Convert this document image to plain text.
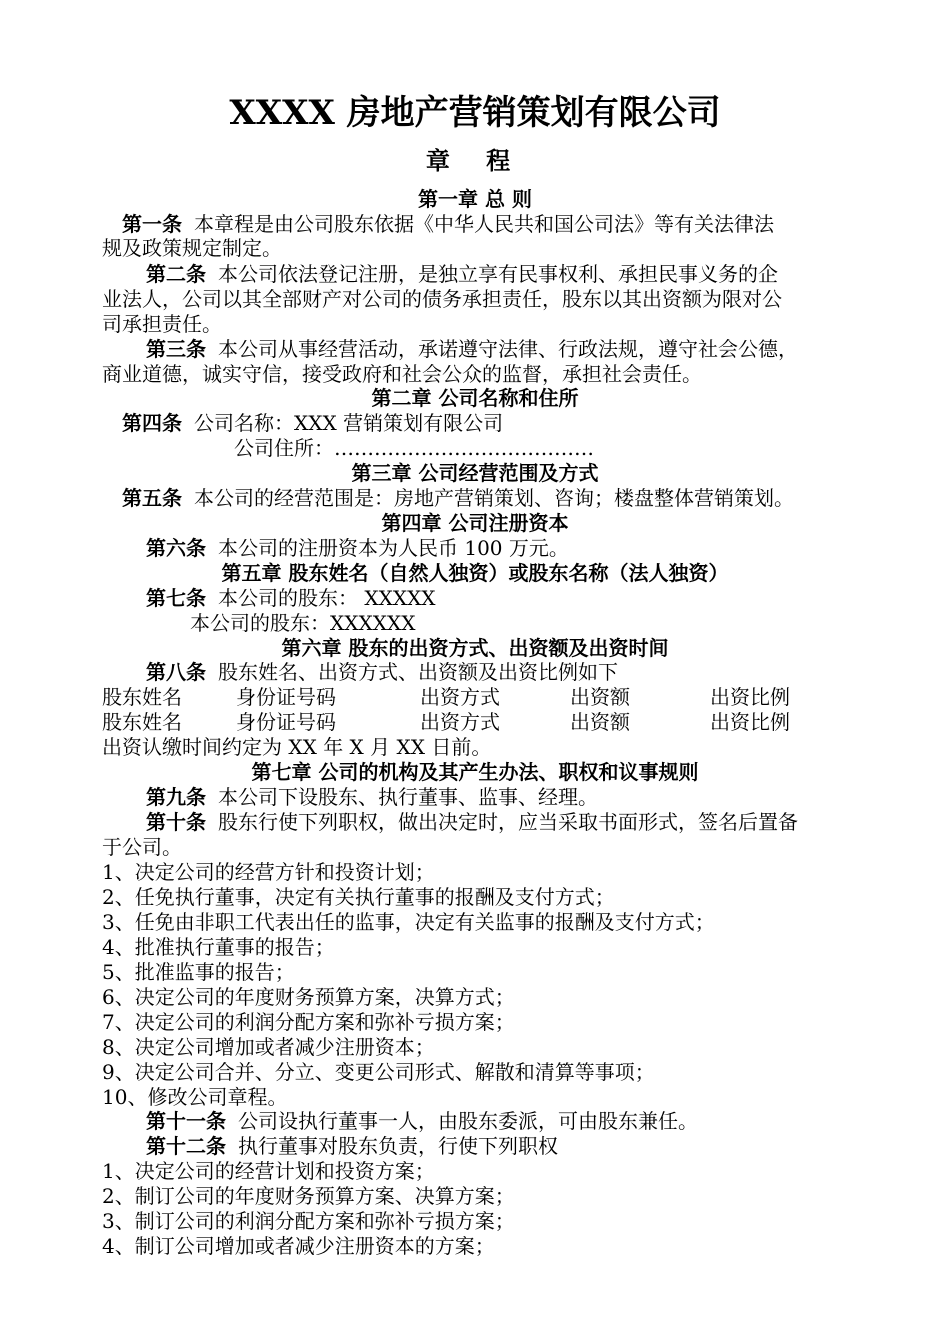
XXXX 房地产营销策划有限公司
章 程
第一章 总 则
第一条 本章程是由公司股东依据《中华人民共和国公司法》等有关法律法
规及政策规定制定。
第二条 本公司依法登记注册，是独立享有民事权利、承担民事义务的企
业法人，公司以其全部财产对公司的债务承担责任，股东以其出资额为限对公
司承担责任。
第三条 本公司从事经营活动，承诺遵守法律、行政法规，遵守社会公德，
商业道德，诚实守信，接受政府和社会公众的监督，承担社会责任。
第二章 公司名称和住所
第四条 公司名称：XXX 营销策划有限公司
公司住所：…………………………………
第三章 公司经营范围及方式
第五条 本公司的经营范围是：房地产营销策划、咨询；楼盘整体营销策划。
第四章 公司注册资本
第六条 本公司的注册资本为人民币 100 万元。
第五章 股东姓名（自然人独资）或股东名称（法人独资）
第七条 本公司的股东： XXXXX
本公司的股东：XXXXXX
第六章 股东的出资方式、出资额及出资时间
第八条 股东姓名、出资方式、出资额及出资比例如下
股东姓名	身份证号码	出资方式	出资额	出资比例
股东姓名	身份证号码	出资方式	出资额	出资比例
出资认缴时间约定为 XX 年 X 月 XX 日前。
第七章 公司的机构及其产生办法、职权和议事规则
第九条 本公司下设股东、执行董事、监事、经理。
第十条 股东行使下列职权，做出决定时，应当采取书面形式，签名后置备
于公司。
1、决定公司的经营方针和投资计划；
2、任免执行董事，决定有关执行董事的报酬及支付方式；
3、任免由非职工代表出任的监事，决定有关监事的报酬及支付方式；
4、批准执行董事的报告；
5、批准监事的报告；
6、决定公司的年度财务预算方案，决算方式；
7、决定公司的利润分配方案和弥补亏损方案；
8、决定公司增加或者减少注册资本；
9、决定公司合并、分立、变更公司形式、解散和清算等事项；
10、修改公司章程。
第十一条 公司设执行董事一人，由股东委派，可由股东兼任。
第十二条 执行董事对股东负责，行使下列职权
1、决定公司的经营计划和投资方案；
2、制订公司的年度财务预算方案、决算方案；
3、制订公司的利润分配方案和弥补亏损方案；
4、制订公司增加或者减少注册资本的方案；
